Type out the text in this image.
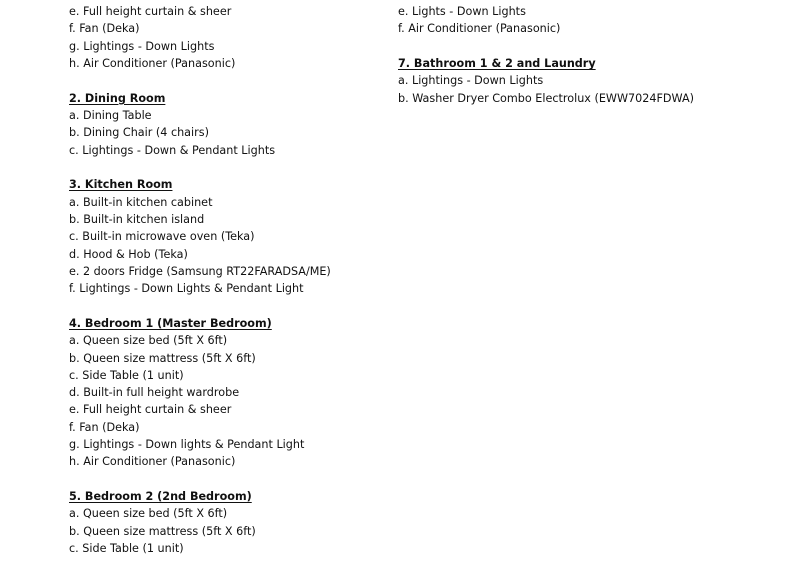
e. Full height curtain & sheer
f. Fan (Deka)
g. Lightings - Down Lights
h. Air Conditioner (Panasonic)
2. Dining Room
a. Dining Table
b. Dining Chair (4 chairs)
c. Lightings - Down & Pendant Lights
3. Kitchen Room
a. Built-in kitchen cabinet
b. Built-in kitchen island
c. Built-in microwave oven (Teka)
d. Hood & Hob (Teka)
e. 2 doors Fridge (Samsung RT22FARADSA/ME)
f. Lightings - Down Lights & Pendant Light
4. Bedroom 1 (Master Bedroom)
a. Queen size bed (5ft X 6ft)
b. Queen size mattress (5ft X 6ft)
c. Side Table (1 unit)
d. Built-in full height wardrobe
e. Full height curtain & sheer
f. Fan (Deka)
g. Lightings - Down lights & Pendant Light
h. Air Conditioner (Panasonic)
5. Bedroom 2 (2nd Bedroom)
a. Queen size bed (5ft X 6ft)
b. Queen size mattress (5ft X 6ft)
c. Side Table (1 unit)
e. Lights - Down Lights
f. Air Conditioner (Panasonic)
7. Bathroom 1 & 2 and Laundry
a. Lightings - Down Lights
b. Washer Dryer Combo Electrolux (EWW7024FDWA)
